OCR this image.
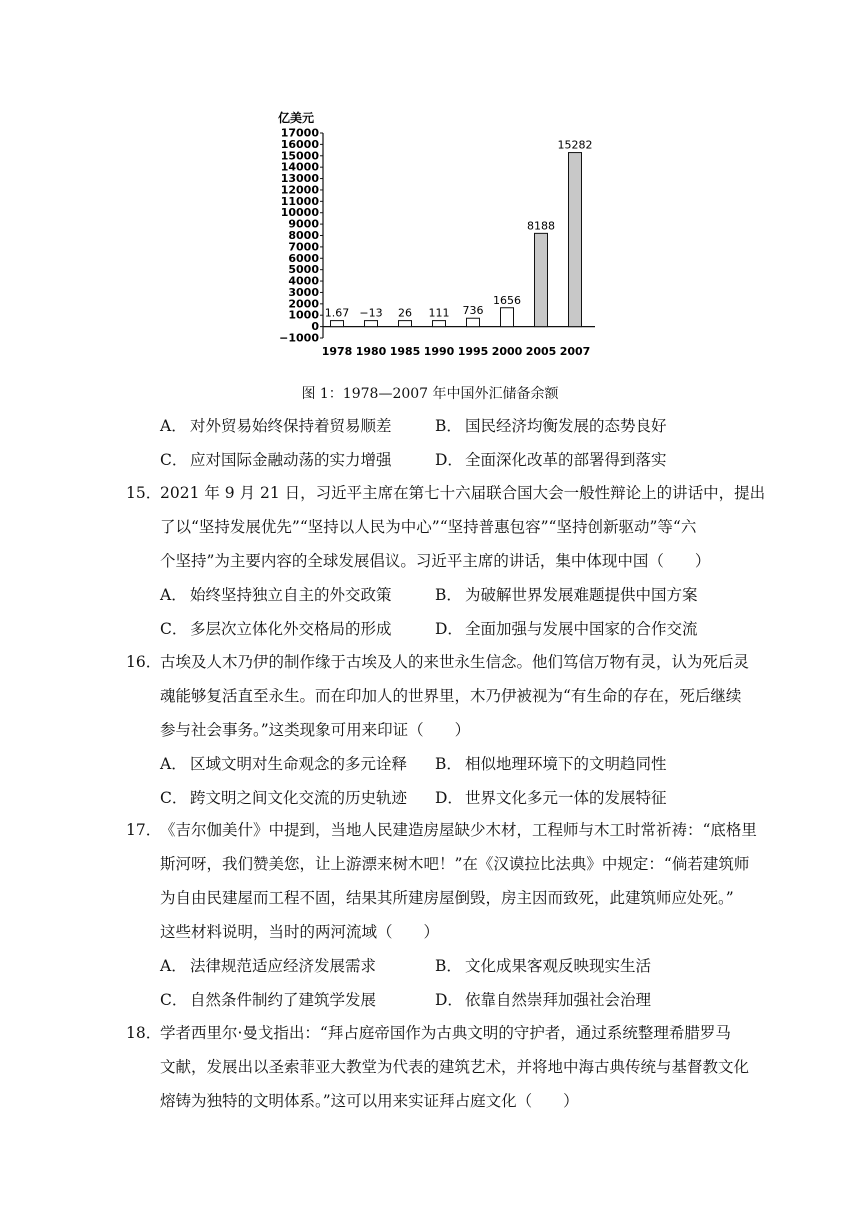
17000
16000
15000
14000
13000
12000
11000
10000
9000
8000
7000
6000
5000
4000
3000
2000
1000
0
−1000
1.67 −13 26 111 736
1656
8188
15282
1978 1980 1985 1990 1995 2000 2005 2007
亿美元
图 1：1978—2007 年中国外汇储备余额
A． 对外贸易始终保持着贸易顺差	B． 国民经济均衡发展的态势良好
C． 应对国际金融动荡的实力增强	D． 全面深化改革的部署得到落实
15．2021 年 9 月 21 日，习近平主席在第七十六届联合国大会一般性辩论上的讲话中，提出
了以“坚持发展优先”“坚持以人民为中心”“坚持普惠包容”“坚持创新驱动”等“六
个坚持”为主要内容的全球发展倡议。习近平主席的讲话，集中体现中国（　　）
A． 始终坚持独立自主的外交政策	B． 为破解世界发展难题提供中国方案
C． 多层次立体化外交格局的形成	D． 全面加强与发展中国家的合作交流
16．古埃及人木乃伊的制作缘于古埃及人的来世永生信念。他们笃信万物有灵，认为死后灵
魂能够复活直至永生。而在印加人的世界里，木乃伊被视为“有生命的存在，死后继续
参与社会事务。”这类现象可用来印证（　　）
A． 区域文明对生命观念的多元诠释	B． 相似地理环境下的文明趋同性
C． 跨文明之间文化交流的历史轨迹	D． 世界文化多元一体的发展特征
17．《吉尔伽美什》中提到，当地人民建造房屋缺少木材，工程师与木工时常祈祷：“底格里
斯河呀，我们赞美您，让上游漂来树木吧！”在《汉谟拉比法典》中规定：“倘若建筑师
为自由民建屋而工程不固，结果其所建房屋倒毁，房主因而致死，此建筑师应处死。”
这些材料说明，当时的两河流域（　　）
A． 法律规范适应经济发展需求	B． 文化成果客观反映现实生活
C． 自然条件制约了建筑学发展	D． 依靠自然崇拜加强社会治理
18．学者西里尔·曼戈指出：“拜占庭帝国作为古典文明的守护者，通过系统整理希腊罗马
文献，发展出以圣索菲亚大教堂为代表的建筑艺术，并将地中海古典传统与基督教文化
熔铸为独特的文明体系。”这可以用来实证拜占庭文化（　　）
